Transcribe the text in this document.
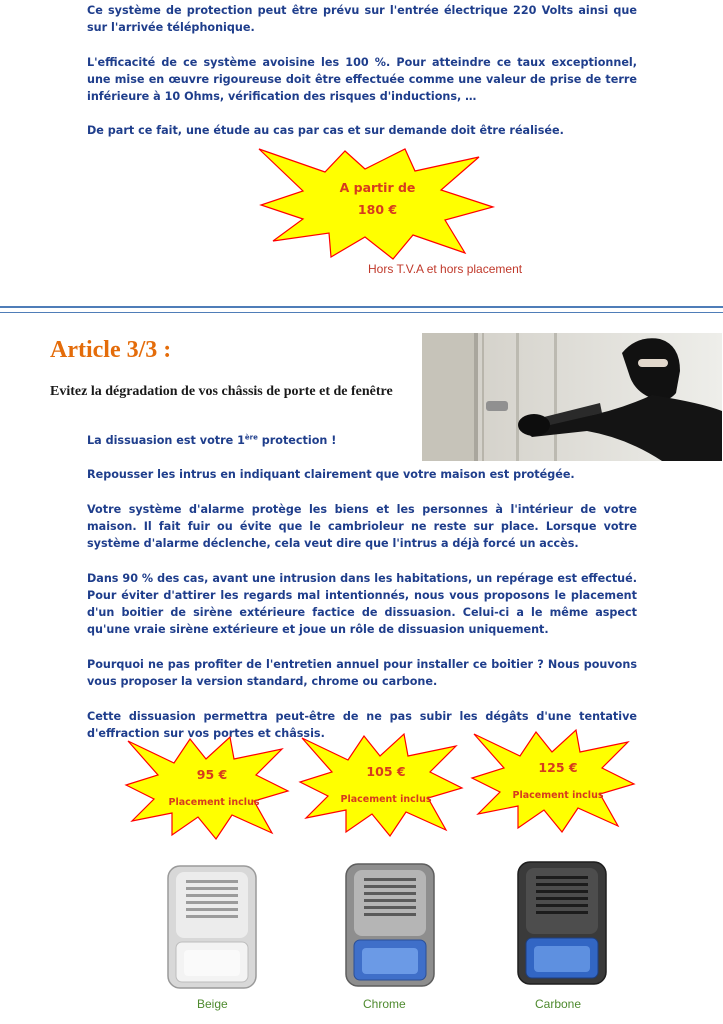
Ce système de protection peut être prévu sur l'entrée électrique 220 Volts ainsi que sur l'arrivée téléphonique.

L'efficacité de ce système avoisine les 100 %. Pour atteindre ce taux exceptionnel, une mise en œuvre rigoureuse doit être effectuée comme une valeur de prise de terre inférieure à 10 Ohms, vérification des risques d'inductions, …

De part ce fait, une étude au cas par cas et sur demande doit être réalisée.

A partir de
180 €
Hors T.V.A et hors placement
Article 3/3 :
Evitez la dégradation de vos châssis de porte et de fenêtre

La dissuasion est votre 1ère protection !

Repousser les intrus en indiquant clairement que votre maison est protégée.

Votre système d'alarme protège les biens et les personnes à l'intérieur de votre maison. Il fait fuir ou évite que le cambrioleur ne reste sur place. Lorsque votre système d'alarme déclenche, cela veut dire que l'intrus a déjà forcé un accès.

Dans 90 % des cas, avant une intrusion dans les habitations, un repérage est effectué. Pour éviter d'attirer les regards mal intentionnés, nous vous proposons le placement d'un boitier de sirène extérieure factice de dissuasion. Celui-ci a le même aspect qu'une vraie sirène extérieure et joue un rôle de dissuasion uniquement.

Pourquoi ne pas profiter de l'entretien annuel pour installer ce boitier ? Nous pouvons vous proposer la version standard, chrome ou carbone.

Cette dissuasion permettra peut-être de ne pas subir les dégâts d'une tentative d'effraction sur vos portes et châssis.

95 €
Placement inclus
105 €
Placement inclus
125 €
Placement inclus
Beige	Chrome	Carbone
